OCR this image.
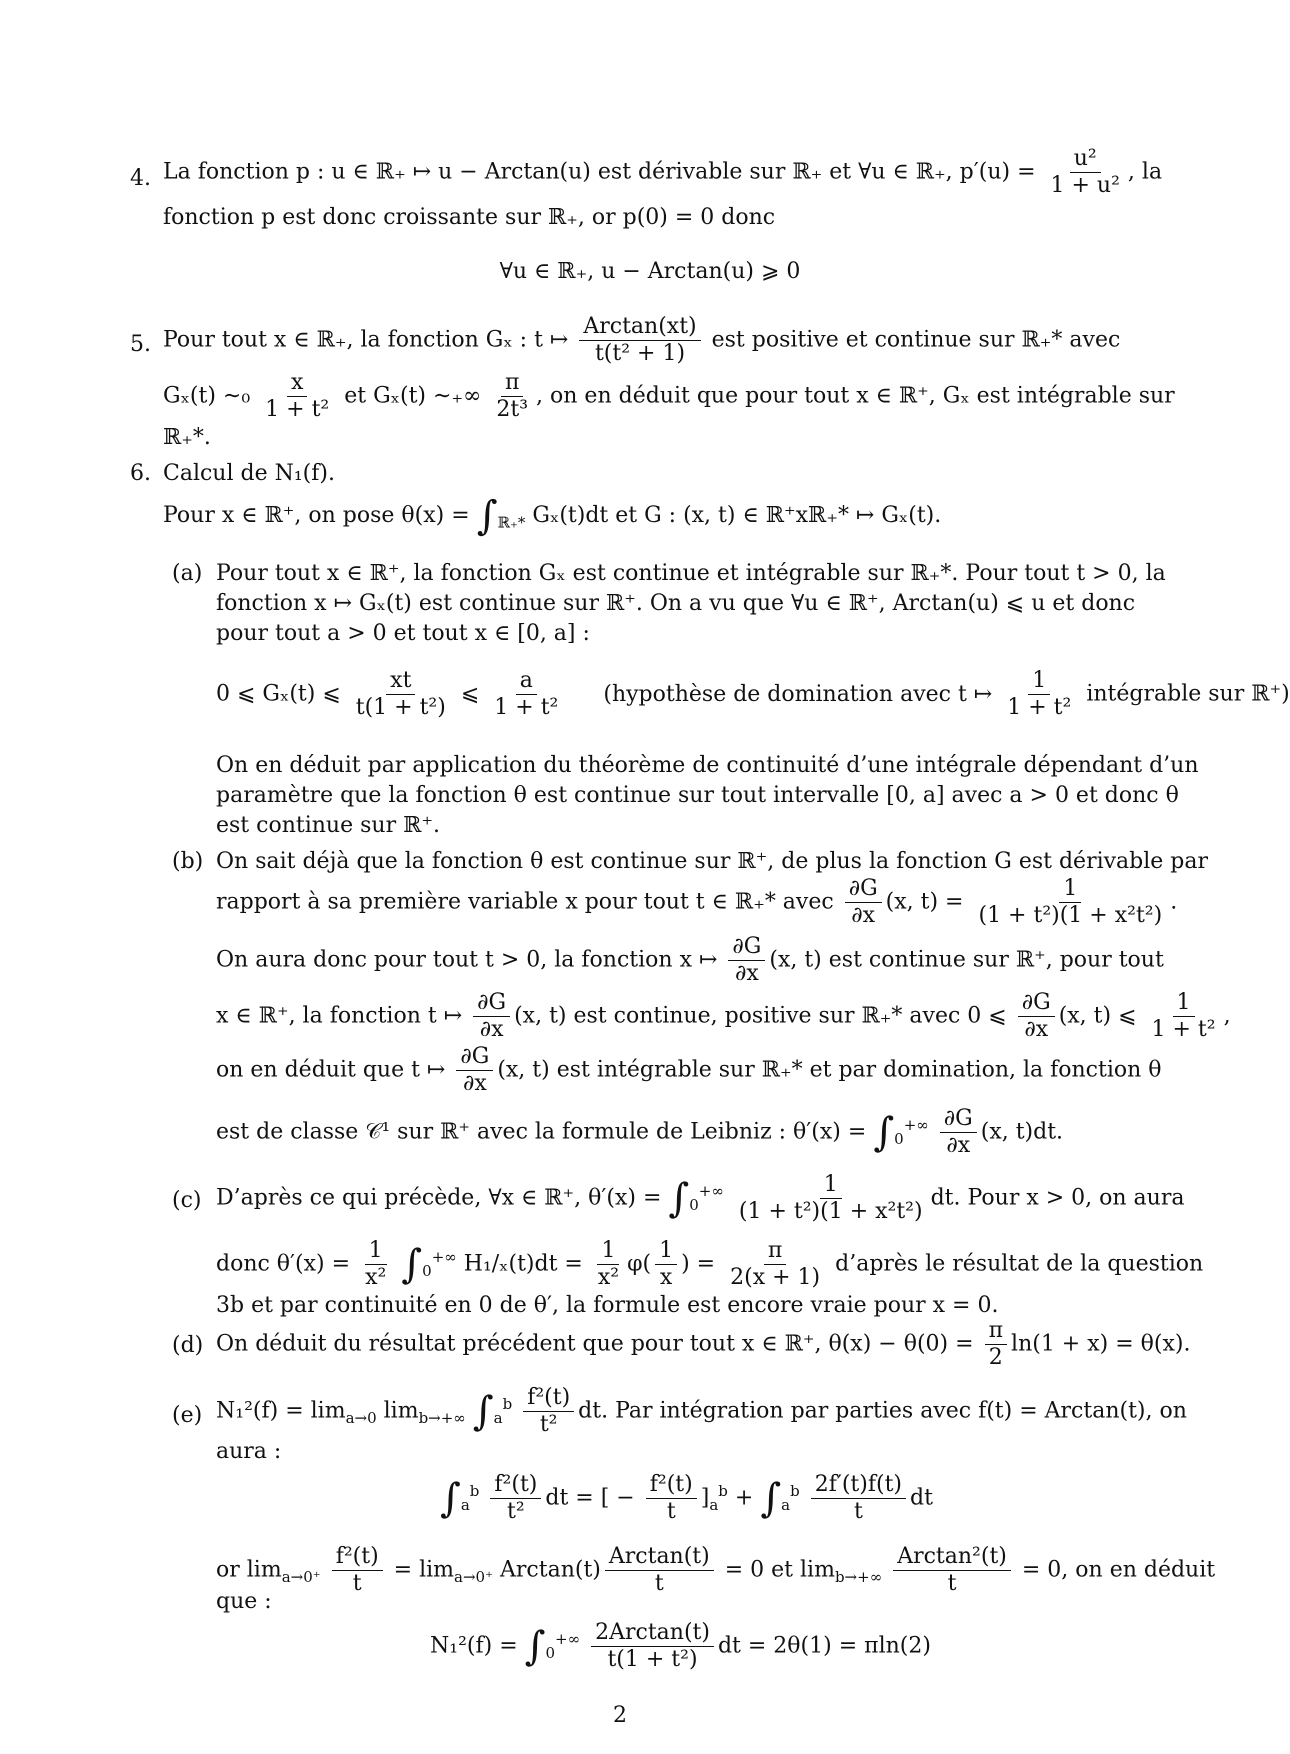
4. La fonction p : u ∈ ℝ₊ ↦ u − Arctan(u) est dérivable sur ℝ₊ et ∀u ∈ ℝ₊, $p'(u) = \frac{\text{u²}}{\text{1 + u²}}$ , la
fonction p est donc croissante sur ℝ₊, or p(0) = 0 donc
∀u ∈ ℝ₊, u − Arctan(u) ⩾ 0
5. Pour tout x ∈ ℝ₊, la fonction Gₓ : t ↦ $\frac{\text{Arctan(xt)}}{\text{t(t² + 1)}}$ est positive et continue sur ℝ₊* avec
Gₓ(t) ∼₀ $\frac{x}{\text{1 + t²}}$ et Gₓ(t) ∼₊∞ $\frac{\pi}{\text{2t³}}$ , on en déduit que pour tout x ∈ ℝ⁺, Gₓ est intégrable sur
ℝ₊*.
6. Calcul de N₁(f).
Pour x ∈ ℝ⁺, on pose $\theta(x) = \int_{ℝ_+*}$ Gₓ(t)dt et G : (x, t) ∈ ℝ⁺xℝ₊* ↦ Gₓ(t).
(a) Pour tout x ∈ ℝ⁺, la fonction Gₓ est continue et intégrable sur ℝ₊*. Pour tout t > 0, la
fonction x ↦ Gₓ(t) est continue sur ℝ⁺. On a vu que ∀u ∈ ℝ⁺, Arctan(u) ⩽ u et donc
pour tout a > 0 et tout x ∈ [0, a] :
0 ⩽ Gₓ(t) ⩽ $\frac{xt}{\text{t(1 + t²)}}$ ⩽ $\frac{a}{\text{1 + t²}}$ (hypothèse de domination avec t ↦ $\frac{1}{\text{1 + t²}}$ intégrable sur ℝ⁺)
On en déduit par application du théorème de continuité d’une intégrale dépendant d’un
paramètre que la fonction θ est continue sur tout intervalle [0, a] avec a > 0 et donc θ
est continue sur ℝ⁺.
(b) On sait déjà que la fonction θ est continue sur ℝ⁺, de plus la fonction G est dérivable par
rapport à sa première variable x pour tout t ∈ ℝ₊* avec $\frac{\partial G}{\partial x} (x$, $t) = \frac{1}{\text{(1 + t²)(1 + x²t²)}}$ .
On aura donc pour tout t > 0, la fonction x ↦ $\frac{\partial G}{\partial x} (x$, t) est continue sur ℝ⁺, pour tout
x ∈ ℝ⁺, la fonction t ↦ $\frac{\partial G}{\partial x} (x$, t) est continue, positive sur ℝ₊* avec 0 ⩽ $\frac{\partial G}{\partial x} (x$, t) ⩽ $\frac{1}{\text{1 + t²}}$ ,
on en déduit que t ↦ $\frac{\partial G}{\partial x} (x$, t) est intégrable sur ℝ₊* et par domination, la fonction θ
est de classe 𝒞¹ sur ℝ⁺ avec la formule de Leibniz : $\theta'(x) = \int_0^{+\infty} \frac{\partial G}{\partial x} (x$, t)dt.
(c) D’après ce qui précède, ∀x ∈ ℝ⁺, $\theta'(x) = \int_0^{+\infty} \frac{1}{\text{(1 + t²)(1 + x²t²)}}$ dt. Pour x > 0, on aura
donc $\theta'(x) = \frac{1}{\text{x²}} \int_0^{+\infty}$ $H_1/_x(t)dt = \frac{1}{\text{x²}} \varphi( \frac{1}{x}$ ) = $\frac{\pi}{2(x + 1)}$ d’après le résultat de la question
3b et par continuité en 0 de θ′, la formule est encore vraie pour x = 0.
(d) On déduit du résultat précédent que pour tout x ∈ ℝ⁺, $\theta(x) - \theta(0) = \frac{\pi}{2} \ln(1 + x) = \theta(x)$.
(e) $N_1^2(f) = \lim_{a\to 0} \lim_{b\to+\infty} \int_a^b \frac{\text{f²(t)}}{\text{t²}}$ dt. Par intégration par parties avec f(t) = Arctan(t), on
aura :
$\int_a^b \frac{\text{f²(t)}}{\text{t²}}$ dt = [ − $\frac{\text{f²(t)}}{t} ]_a^b + \int_a^b \frac{2f'(t)f(t)}{t}$ dt
or $\lim_{a\to 0^+} \frac{\text{f²(t)}}{t} = \lim_{a\to 0^+} Arctan(t) \frac{\text{Arctan(t)}}{t} = 0$ et $\lim_{b\to+\infty} \frac{\text{Arctan²(t)}}{t} = 0$, on en déduit
que :
$N_1^2(f) = \int_0^{+\infty} \frac{\text{2Arctan(t)}}{\text{t(1 + t²)}}$ dt = 2θ(1) = πln(2)
2
